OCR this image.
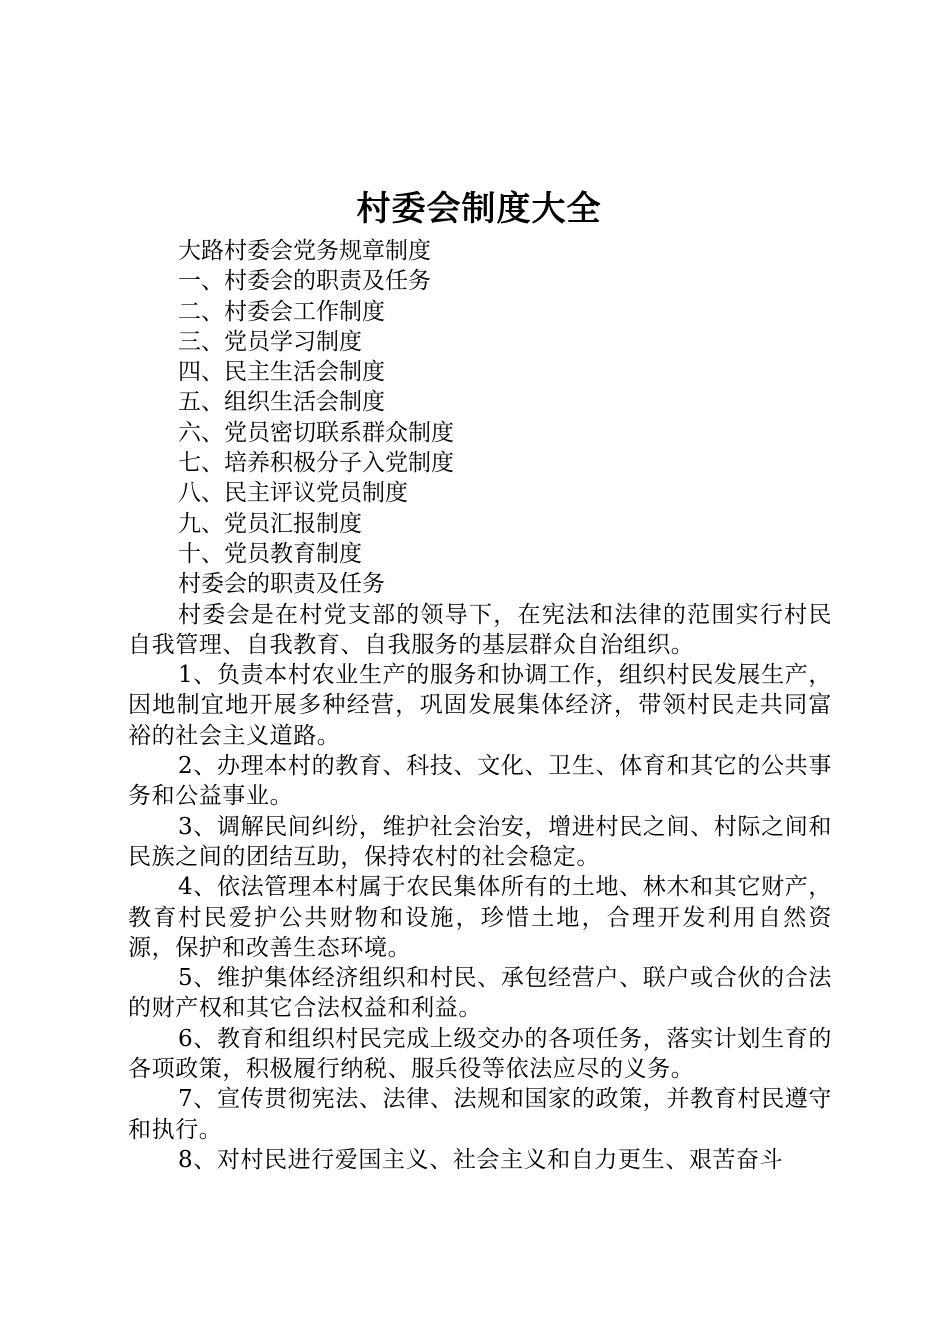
村委会制度大全

大路村委会党务规章制度

一、村委会的职责及任务

二、村委会工作制度

三、党员学习制度

四、民主生活会制度

五、组织生活会制度

六、党员密切联系群众制度

七、培养积极分子入党制度

八、民主评议党员制度

九、党员汇报制度

十、党员教育制度

村委会的职责及任务

村委会是在村党支部的领导下，在宪法和法律的范围实行村民自我管理、自我教育、自我服务的基层群众自治组织。

1、负责本村农业生产的服务和协调工作，组织村民发展生产，因地制宜地开展多种经营，巩固发展集体经济，带领村民走共同富裕的社会主义道路。

2、办理本村的教育、科技、文化、卫生、体育和其它的公共事务和公益事业。

3、调解民间纠纷，维护社会治安，增进村民之间、村际之间和民族之间的团结互助，保持农村的社会稳定。

4、依法管理本村属于农民集体所有的土地、林木和其它财产，教育村民爱护公共财物和设施，珍惜土地，合理开发利用自然资源，保护和改善生态环境。

5、维护集体经济组织和村民、承包经营户、联户或合伙的合法的财产权和其它合法权益和利益。

6、教育和组织村民完成上级交办的各项任务，落实计划生育的各项政策，积极履行纳税、服兵役等依法应尽的义务。

7、宣传贯彻宪法、法律、法规和国家的政策，并教育村民遵守和执行。

8、对村民进行爱国主义、社会主义和自力更生、艰苦奋斗
